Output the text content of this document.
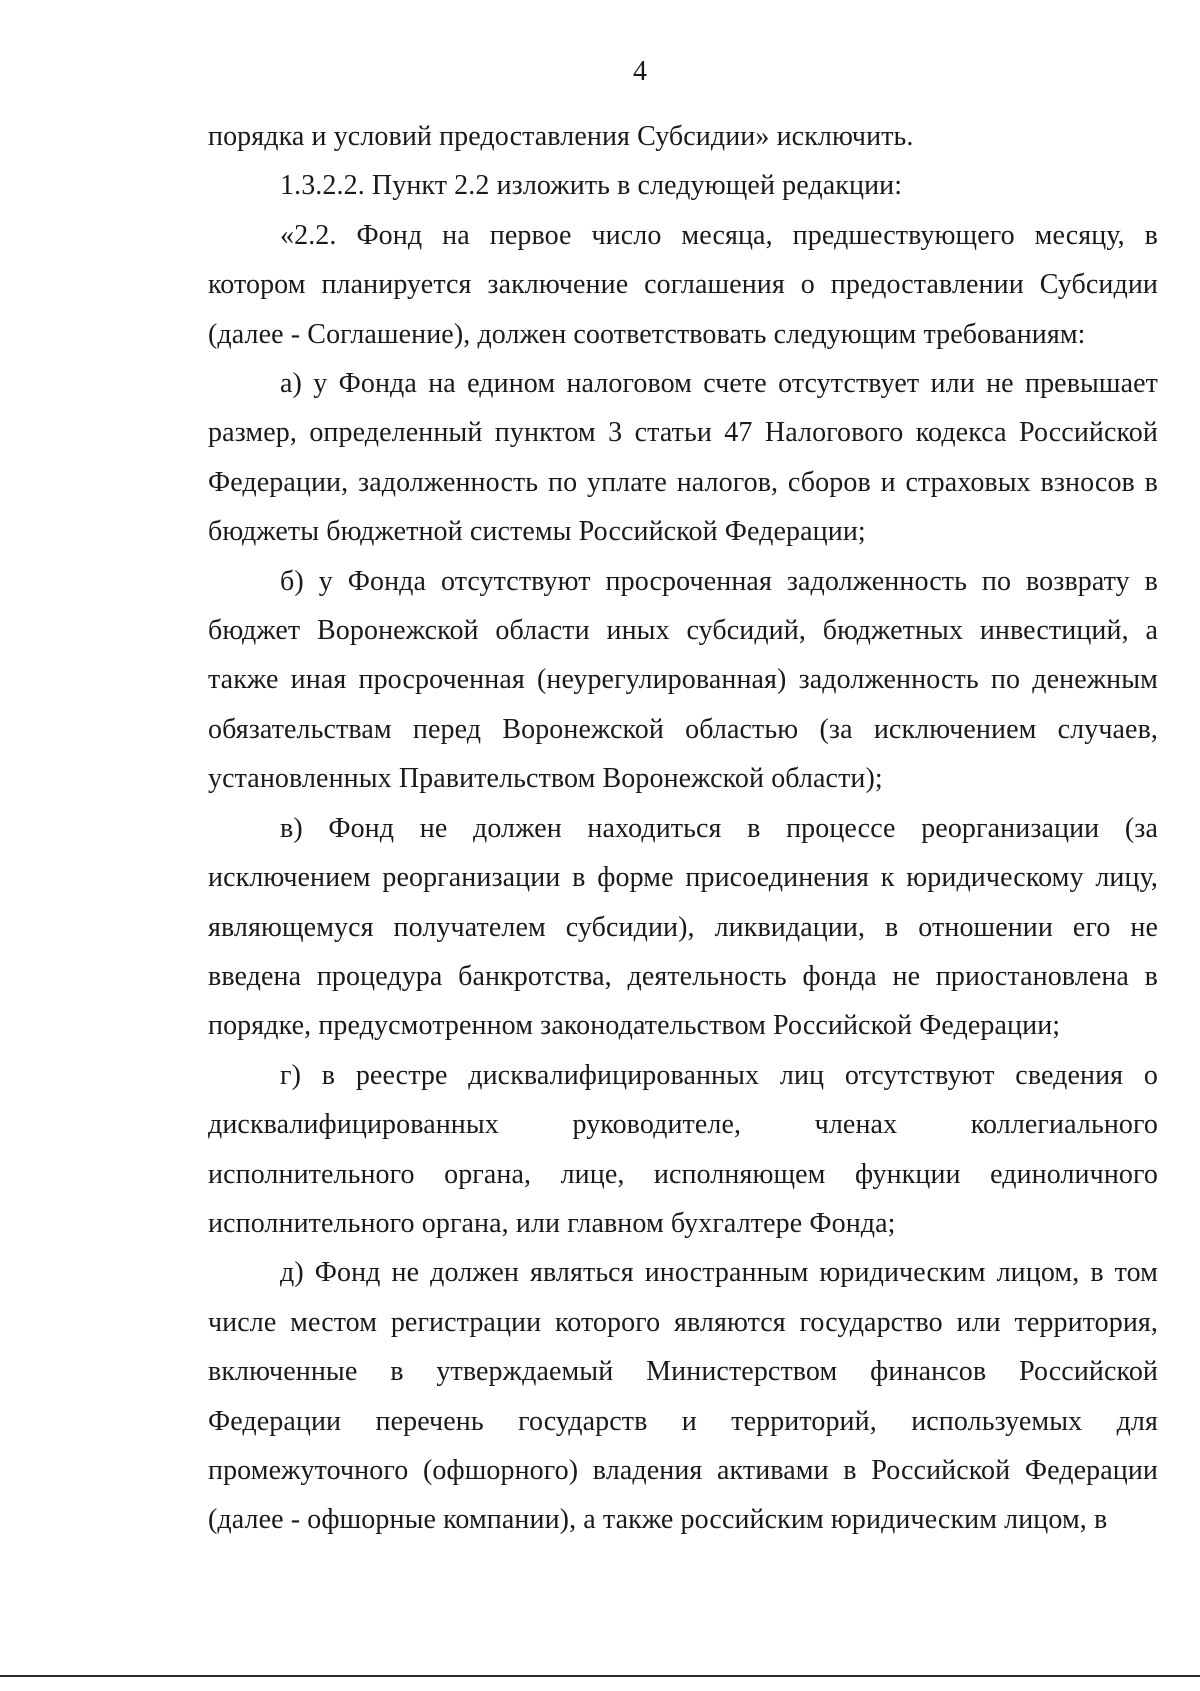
4

порядка и условий предоставления Субсидии» исключить.

1.3.2.2. Пункт 2.2 изложить в следующей редакции:

«2.2. Фонд на первое число месяца, предшествующего месяцу, в котором планируется заключение соглашения о предоставлении Субсидии (далее - Соглашение), должен соответствовать следующим требованиям:

а) у Фонда на едином налоговом счете отсутствует или не превышает размер, определенный пунктом 3 статьи 47 Налогового кодекса Российской Федерации, задолженность по уплате налогов, сборов и страховых взносов в бюджеты бюджетной системы Российской Федерации;

б) у Фонда отсутствуют просроченная задолженность по возврату в бюджет Воронежской области иных субсидий, бюджетных инвестиций, а также иная просроченная (неурегулированная) задолженность по денежным обязательствам перед Воронежской областью (за исключением случаев, установленных Правительством Воронежской области);

в) Фонд не должен находиться в процессе реорганизации (за исключением реорганизации в форме присоединения к юридическому лицу, являющемуся получателем субсидии), ликвидации, в отношении его не введена процедура банкротства, деятельность фонда не приостановлена в порядке, предусмотренном законодательством Российской Федерации;

г) в реестре дисквалифицированных лиц отсутствуют сведения о дисквалифицированных руководителе, членах коллегиального исполнительного органа, лице, исполняющем функции единоличного исполнительного органа, или главном бухгалтере Фонда;

д) Фонд не должен являться иностранным юридическим лицом, в том числе местом регистрации которого являются государство или территория, включенные в утверждаемый Министерством финансов Российской Федерации перечень государств и территорий, используемых для промежуточного (офшорного) владения активами в Российской Федерации (далее - офшорные компании), а также российским юридическим лицом, в
